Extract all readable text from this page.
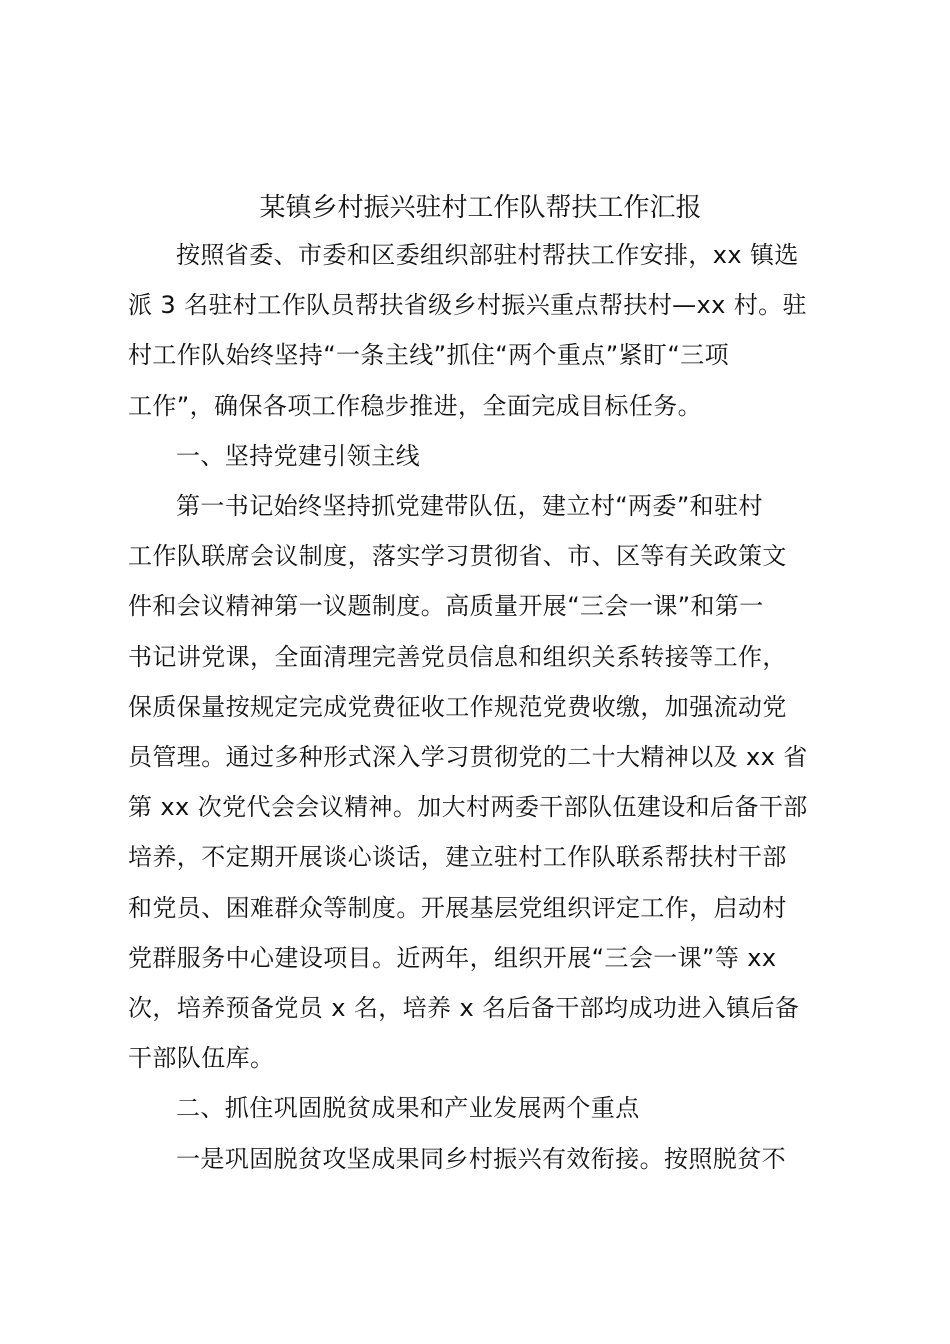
某镇乡村振兴驻村工作队帮扶工作汇报
按照省委、市委和区委组织部驻村帮扶工作安排，xx 镇选
派 3 名驻村工作队员帮扶省级乡村振兴重点帮扶村—xx 村。驻
村工作队始终坚持“一条主线”抓住“两个重点”紧盯“三项
工作”，确保各项工作稳步推进，全面完成目标任务。
一、坚持党建引领主线
第一书记始终坚持抓党建带队伍，建立村“两委”和驻村
工作队联席会议制度，落实学习贯彻省、市、区等有关政策文
件和会议精神第一议题制度。高质量开展“三会一课”和第一
书记讲党课，全面清理完善党员信息和组织关系转接等工作，
保质保量按规定完成党费征收工作规范党费收缴，加强流动党
员管理。通过多种形式深入学习贯彻党的二十大精神以及 xx 省
第 xx 次党代会会议精神。加大村两委干部队伍建设和后备干部
培养，不定期开展谈心谈话，建立驻村工作队联系帮扶村干部
和党员、困难群众等制度。开展基层党组织评定工作，启动村
党群服务中心建设项目。近两年，组织开展“三会一课”等 xx
次，培养预备党员 x 名，培养 x 名后备干部均成功进入镇后备
干部队伍库。
二、抓住巩固脱贫成果和产业发展两个重点
一是巩固脱贫攻坚成果同乡村振兴有效衔接。按照脱贫不
